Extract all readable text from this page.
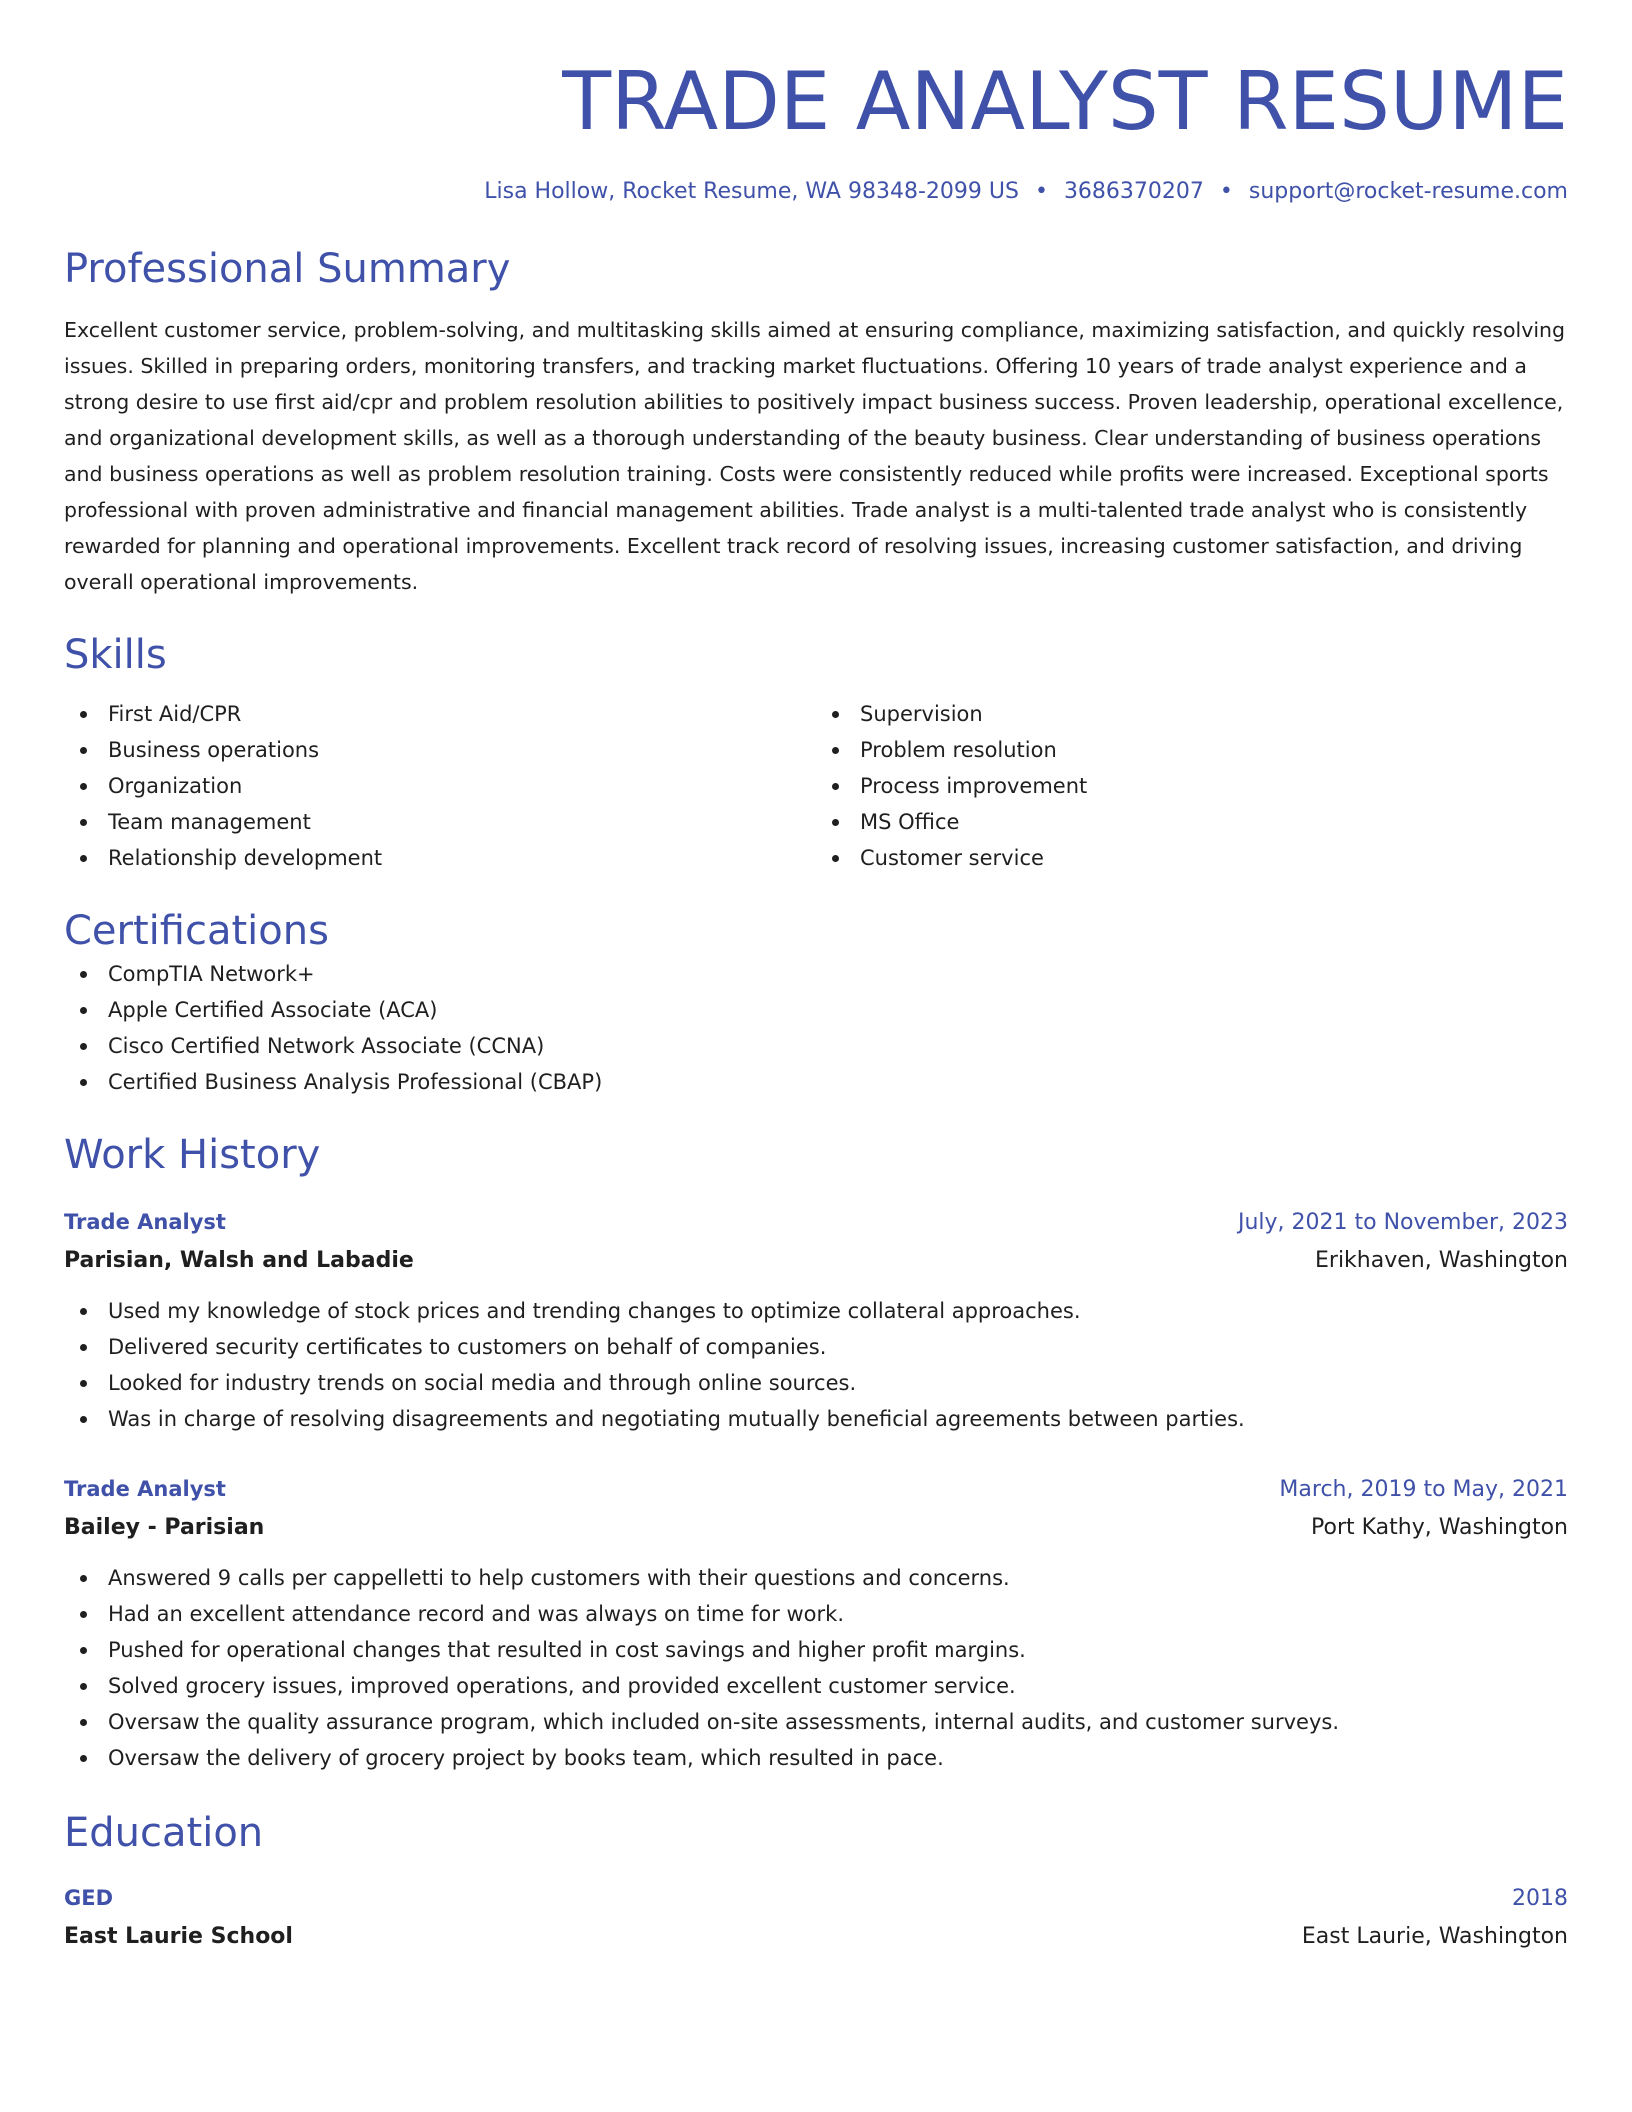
TRADE ANALYST RESUME
Lisa Hollow, Rocket Resume, WA 98348-2099 US • 3686370207 • support@rocket-resume.com
Professional Summary

Excellent customer service, problem-solving, and multitasking skills aimed at ensuring compliance, maximizing satisfaction, and quickly resolving issues. Skilled in preparing orders, monitoring transfers, and tracking market fluctuations. Offering 10 years of trade analyst experience and a strong desire to use first aid/cpr and problem resolution abilities to positively impact business success. Proven leadership, operational excellence, and organizational development skills, as well as a thorough understanding of the beauty business. Clear understanding of business operations and business operations as well as problem resolution training. Costs were consistently reduced while profits were increased. Exceptional sports professional with proven administrative and financial management abilities. Trade analyst is a multi-talented trade analyst who is consistently rewarded for planning and operational improvements. Excellent track record of resolving issues, increasing customer satisfaction, and driving overall operational improvements.

Skills
First Aid/CPR
Business operations
Organization
Team management
Relationship development
Supervision
Problem resolution
Process improvement
MS Office
Customer service
Certifications
CompTIA Network+
Apple Certified Associate (ACA)
Cisco Certified Network Associate (CCNA)
Certified Business Analysis Professional (CBAP)
Work History
Trade Analyst	July, 2021 to November, 2023
Parisian, Walsh and Labadie	Erikhaven, Washington
Used my knowledge of stock prices and trending changes to optimize collateral approaches.
Delivered security certificates to customers on behalf of companies.
Looked for industry trends on social media and through online sources.
Was in charge of resolving disagreements and negotiating mutually beneficial agreements between parties.
Trade Analyst	March, 2019 to May, 2021
Bailey - Parisian	Port Kathy, Washington
Answered 9 calls per cappelletti to help customers with their questions and concerns.
Had an excellent attendance record and was always on time for work.
Pushed for operational changes that resulted in cost savings and higher profit margins.
Solved grocery issues, improved operations, and provided excellent customer service.
Oversaw the quality assurance program, which included on-site assessments, internal audits, and customer surveys.
Oversaw the delivery of grocery project by books team, which resulted in pace.
Education
GED	2018
East Laurie School	East Laurie, Washington
